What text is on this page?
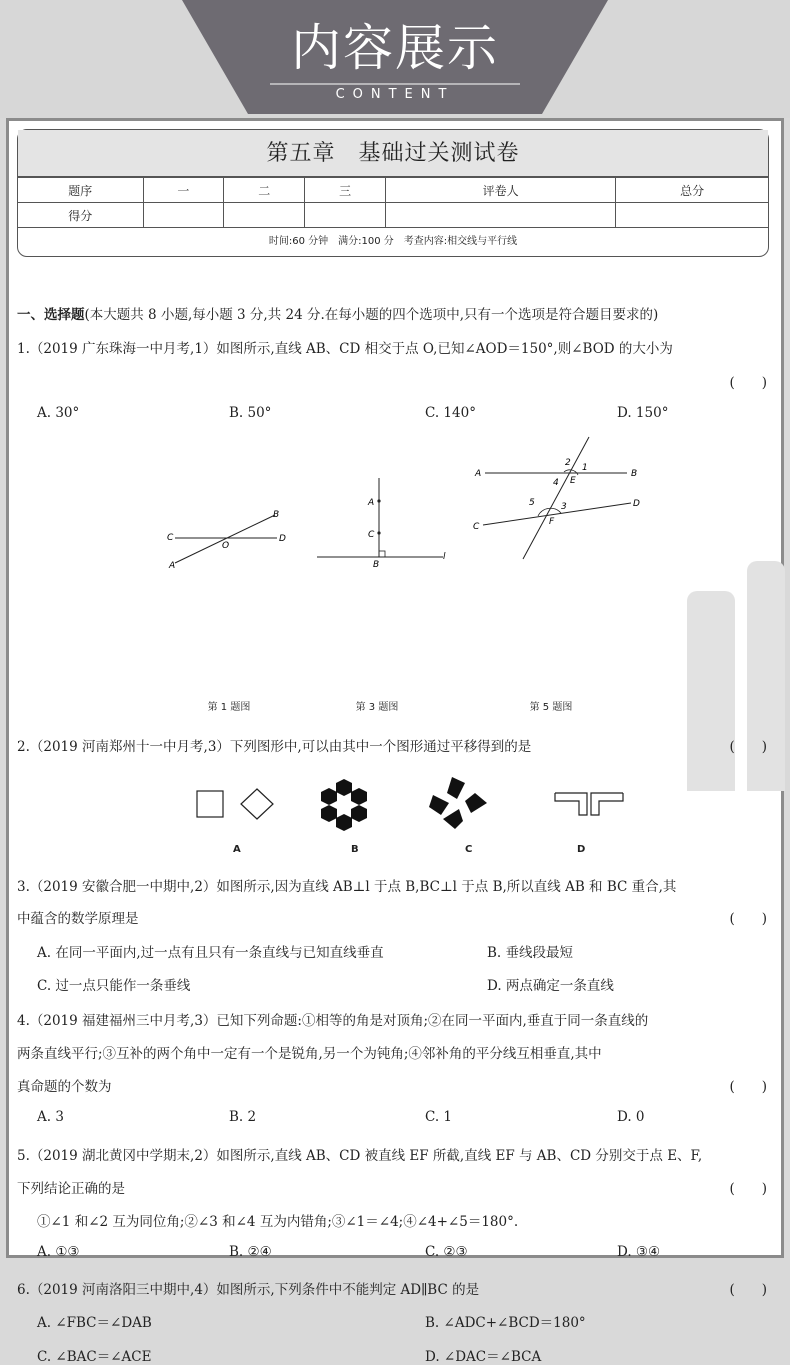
内容展示
CONTENT
第五章　基础过关测试卷
题序	一	二	三	评卷人	总分
得分					
时间:60 分钟　满分:100 分　考查内容:相交线与平行线
一、选择题(本大题共 8 小题,每小题 3 分,共 24 分.在每小题的四个选项中,只有一个选项是符合题目要求的)
1.（2019 广东珠海一中月考,1）如图所示,直线 AB、CD 相交于点 O,已知∠AOD＝150°,则∠BOD 的大小为
(　　)
A. 30°	B. 50°	C. 140°	D. 150°
B
C
O
D
A
A
C
B
l
A
2 1
B
4 E
5	3	D
C	F
第 1 题图	第 3 题图	第 5 题图
2.（2019 河南郑州十一中月考,3）下列图形中,可以由其中一个图形通过平移得到的是	(　　)
A	B	C	D
3.（2019 安徽合肥一中期中,2）如图所示,因为直线 AB⊥l 于点 B,BC⊥l 于点 B,所以直线 AB 和 BC 重合,其
中蕴含的数学原理是	(　　)
A. 在同一平面内,过一点有且只有一条直线与已知直线垂直	B. 垂线段最短
C. 过一点只能作一条垂线	D. 两点确定一条直线
4.（2019 福建福州三中月考,3）已知下列命题:①相等的角是对顶角;②在同一平面内,垂直于同一条直线的
两条直线平行;③互补的两个角中一定有一个是锐角,另一个为钝角;④邻补角的平分线互相垂直,其中
真命题的个数为	(　　)
A. 3	B. 2	C. 1	D. 0
5.（2019 湖北黄冈中学期末,2）如图所示,直线 AB、CD 被直线 EF 所截,直线 EF 与 AB、CD 分别交于点 E、F,
下列结论正确的是	(　　)
①∠1 和∠2 互为同位角;②∠3 和∠4 互为内错角;③∠1＝∠4;④∠4+∠5＝180°.
A. ①③	B. ②④	C. ②③	D. ③④
6.（2019 河南洛阳三中期中,4）如图所示,下列条件中不能判定 AD∥BC 的是	(　　)
A. ∠FBC＝∠DAB	B. ∠ADC+∠BCD＝180°
C. ∠BAC＝∠ACE	D. ∠DAC＝∠BCA
